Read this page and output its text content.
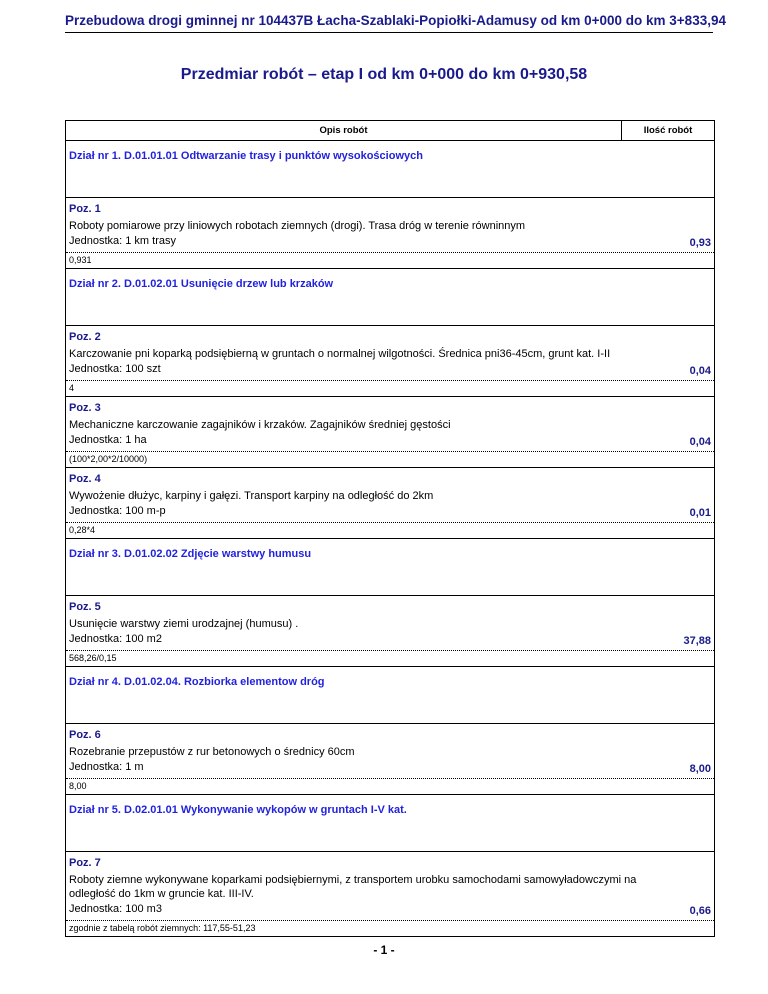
Przebudowa drogi gminnej nr 104437B Łacha-Szablaki-Popiołki-Adamusy od km 0+000 do km 3+833,94
Przedmiar robót – etap I od km 0+000 do km 0+930,58
Opis robót	Ilość robót
Dział nr 1. D.01.01.01 Odtwarzanie trasy i punktów wysokościowych
Poz. 1
Roboty pomiarowe przy liniowych robotach ziemnych (drogi). Trasa dróg w terenie równinnym
Jednostka: 1 km trasy	0,93
0,931
Dział nr 2. D.01.02.01 Usunięcie drzew lub krzaków
Poz. 2
Karczowanie pni koparką podsiębierną w gruntach o normalnej wilgotności. Średnica pni36-45cm, grunt kat. I-II
Jednostka: 100 szt	0,04
4
Poz. 3
Mechaniczne karczowanie zagajników i krzaków. Zagajników średniej gęstości
Jednostka: 1 ha	0,04
(100*2,00*2/10000)
Poz. 4
Wywożenie dłużyc, karpiny i gałęzi. Transport karpiny na odległość do 2km
Jednostka: 100 m-p	0,01
0,28*4
Dział nr 3. D.01.02.02 Zdjęcie warstwy humusu
Poz. 5
Usunięcie warstwy ziemi urodzajnej (humusu) .
Jednostka: 100 m2	37,88
568,26/0,15
Dział nr 4. D.01.02.04. Rozbiorka elementow dróg
Poz. 6
Rozebranie przepustów z rur betonowych o średnicy 60cm
Jednostka: 1 m	8,00
8,00
Dział nr 5. D.02.01.01 Wykonywanie wykopów w gruntach I-V kat.
Poz. 7
Roboty ziemne wykonywane koparkami podsiębiernymi, z transportem urobku samochodami samowyładowczymi na odległość do 1km w gruncie kat. III-IV.
Jednostka: 100 m3	0,66
zgodnie z tabelą robót ziemnych: 117,55-51,23
- 1 -
